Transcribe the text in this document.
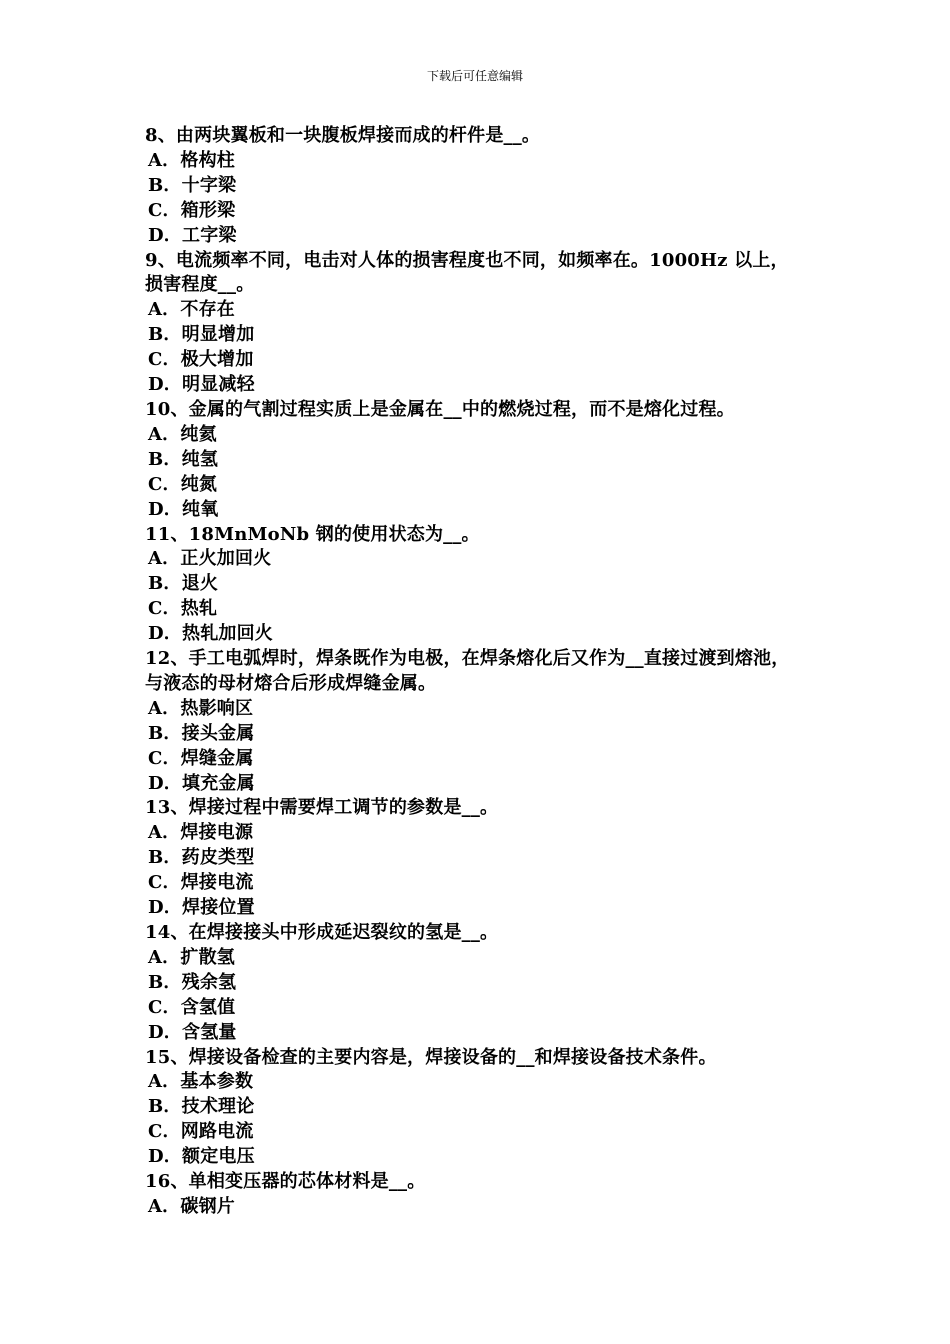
下载后可任意编辑
8、由两块翼板和一块腹板焊接而成的杆件是__。
A．格构柱
B．十字梁
C．箱形梁
D．工字梁
9、电流频率不同，电击对人体的损害程度也不同，如频率在。1000Hz 以上，
损害程度__。
A．不存在
B．明显增加
C．极大增加
D．明显减轻
10、金属的气割过程实质上是金属在__中的燃烧过程，而不是熔化过程。
A．纯氦
B．纯氢
C．纯氮
D．纯氧
11、18MnMoNb 钢的使用状态为__。
A．正火加回火
B．退火
C．热轧
D．热轧加回火
12、手工电弧焊时，焊条既作为电极，在焊条熔化后又作为__直接过渡到熔池，
与液态的母材熔合后形成焊缝金属。
A．热影响区
B．接头金属
C．焊缝金属
D．填充金属
13、焊接过程中需要焊工调节的参数是__。
A．焊接电源
B．药皮类型
C．焊接电流
D．焊接位置
14、在焊接接头中形成延迟裂纹的氢是__。
A．扩散氢
B．残余氢
C．含氢值
D．含氢量
15、焊接设备检查的主要内容是，焊接设备的__和焊接设备技术条件。
A．基本参数
B．技术理论
C．网路电流
D．额定电压
16、单相变压器的芯体材料是__。
A．碳钢片
